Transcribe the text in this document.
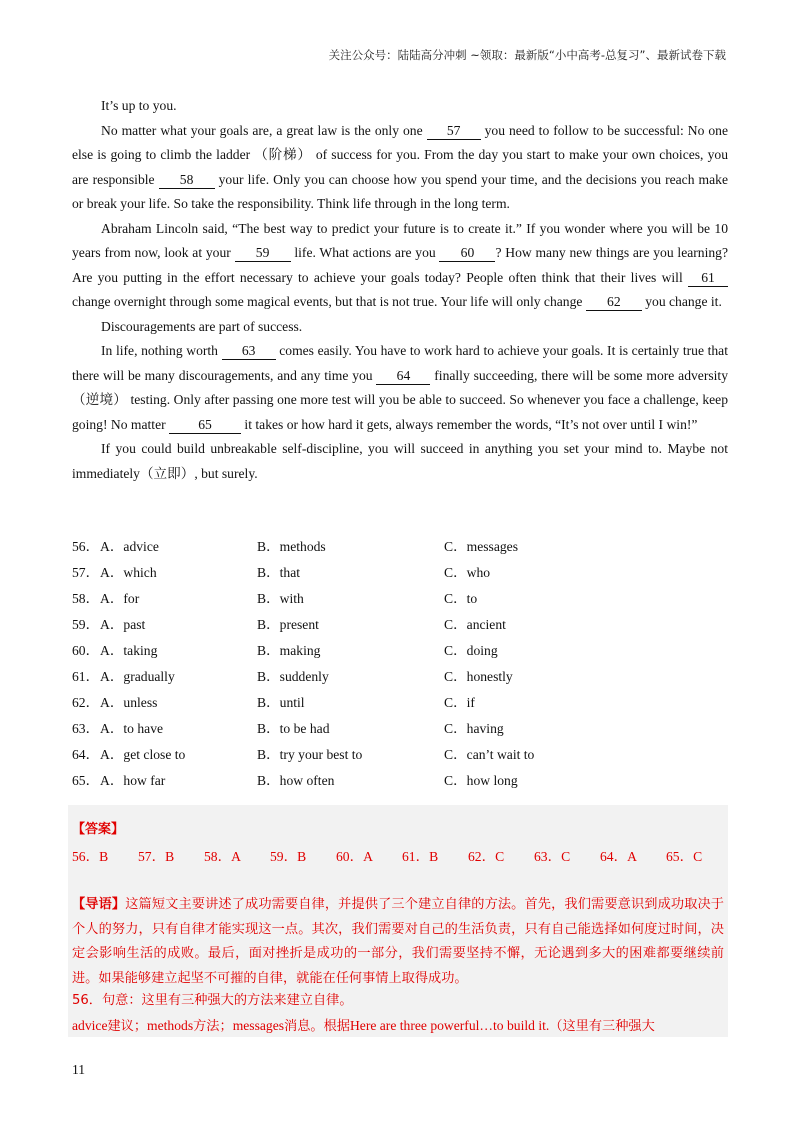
关注公众号：陆陆高分冲刺 ~领取：最新版“小中高考-总复习”、最新试卷下载

It’s up to you.

No matter what your goals are, a great law is the only one 57 you need to follow to be successful: No one else is going to climb the ladder （阶梯） of success for you. From the day you start to make your own choices, you are responsible 58 your life. Only you can choose how you spend your time, and the decisions you reach make or break your life. So take the responsibility. Think life through in the long term.

Abraham Lincoln said, “The best way to predict your future is to create it.” If you wonder where you will be 10 years from now, look at your 59 life. What actions are you 60 ? How many new things are you learning? Are you putting in the effort necessary to achieve your goals today? People often think that their lives will 61 change overnight through some magical events, but that is not true. Your life will only change 62 you change it.

Discouragements are part of success.

In life, nothing worth 63 comes easily. You have to work hard to achieve your goals. It is certainly true that there will be many discouragements, and any time you 64 finally succeeding, there will be some more adversity（逆境） testing. Only after passing one more test will you be able to succeed. So whenever you face a challenge, keep going! No matter 65 it takes or how hard it gets, always remember the words, “It’s not over until I win!”

If you could build unbreakable self-discipline, you will succeed in anything you set your mind to. Maybe not immediately（立即）, but surely.

56． A．advice	B．methods	C．messages
57． A．which	B．that	C．who
58． A．for	B．with	C．to
59． A．past	B．present	C．ancient
60． A．taking	B．making	C．doing
61． A．gradually	B．suddenly	C．honestly
62． A．unless	B．until	C．if
63． A．to have	B．to be had	C．having
64． A．get close to	B．try your best to	C．can’t wait to
65． A．how far	B．how often	C．how long
【答案】
56．B 57．B 58．A 59．B 60．A 61．B 62．C 63．C 64．A 65．C

【导语】这篇短文主要讲述了成功需要自律，并提供了三个建立自律的方法。首先，我们需要意识到成功取决于个人的努力，只有自律才能实现这一点。其次，我们需要对自己的生活负责，只有自己能选择如何度过时间，决定会影响生活的成败。最后，面对挫折是成功的一部分，我们需要坚持不懈，无论遇到多大的困难都要继续前进。如果能够建立起坚不可摧的自律，就能在任何事情上取得成功。

56．句意：这里有三种强大的方法来建立自律。
advice建议；methods方法；messages消息。根据Here are three powerful…to build it.（这里有三种强大
11
